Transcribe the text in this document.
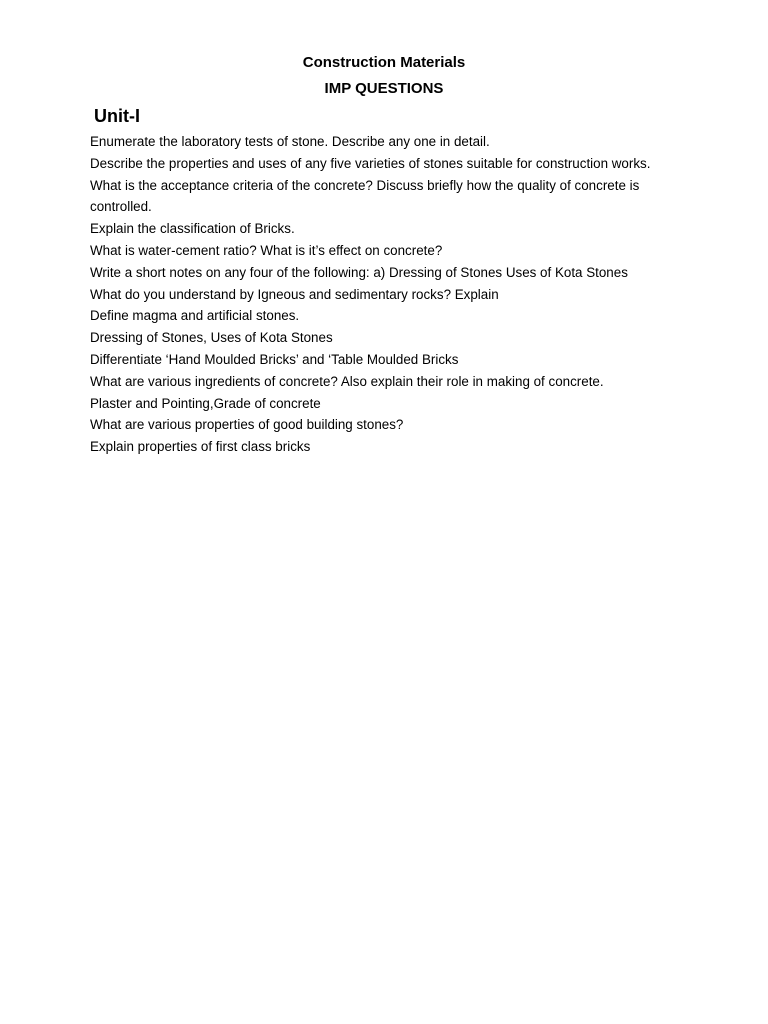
Construction Materials
IMP QUESTIONS
Unit-I
Enumerate the laboratory tests of stone. Describe any one in detail.
Describe the properties and uses of any five varieties of stones suitable for construction works.
What is the acceptance criteria of the concrete? Discuss briefly how the quality of concrete is controlled.
Explain the classification of Bricks.
What is water-cement ratio? What is it’s effect on concrete?
Write a short notes on any four of the following: a) Dressing of Stones Uses of Kota Stones
What do you understand by Igneous and sedimentary rocks? Explain
Define magma and artificial stones.
Dressing of Stones, Uses of Kota Stones
Differentiate ‘Hand Moulded Bricks’ and ‘Table Moulded Bricks
What are various ingredients of concrete? Also explain their role in making of concrete.
Plaster and Pointing,Grade of concrete
What are various properties of good building stones?
Explain properties of first class bricks
